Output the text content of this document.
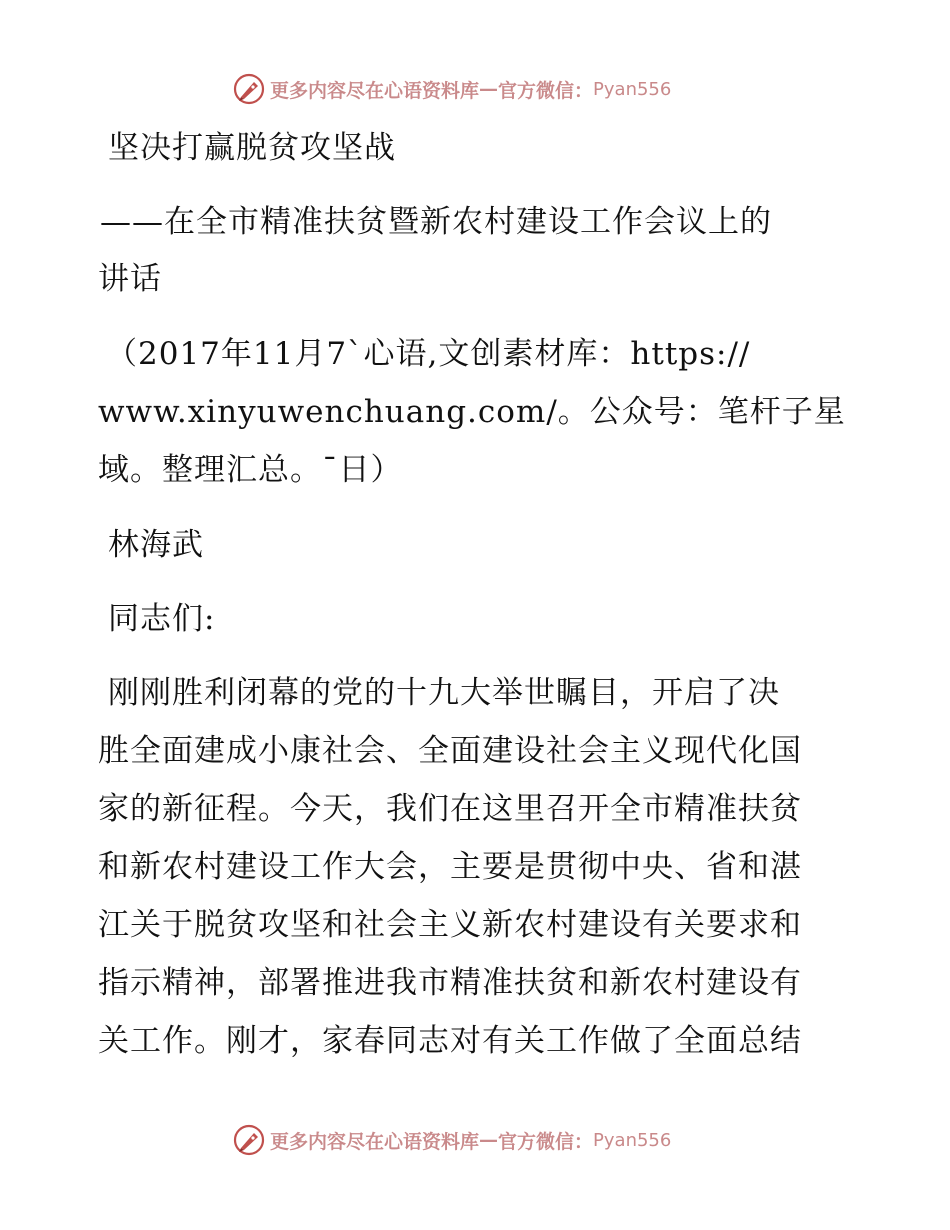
更多内容尽在心语资料库 — 官方微信： Pyan556
坚决打赢脱贫攻坚战
——在全市精准扶贫暨新农村建设工作会议上的
讲话
（2017年11月7`心语,文创素材库：https://
www.xinyuwenchuang.com/。公众号：笔杆子星
域。整理汇总。¯日）
林海武
同志们:
刚刚胜利闭幕的党的十九大举世瞩目，开启了决
胜全面建成小康社会、全面建设社会主义现代化国
家的新征程。今天，我们在这里召开全市精准扶贫
和新农村建设工作大会，主要是贯彻中央、省和湛
江关于脱贫攻坚和社会主义新农村建设有关要求和
指示精神，部署推进我市精准扶贫和新农村建设有
关工作。刚才，家春同志对有关工作做了全面总结
更多内容尽在心语资料库 — 官方微信： Pyan556
